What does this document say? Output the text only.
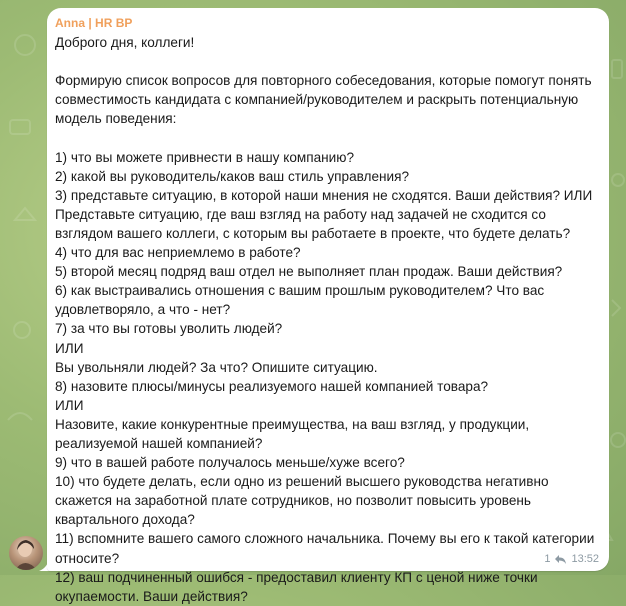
Anna | HR BP
Доброго дня, коллеги!

Формирую список вопросов для повторного собеседования, которые помогут понять совместимость кандидата с компанией/руководителем и раскрыть потенциальную модель поведения:

1) что вы можете привнести в нашу компанию?
2) какой вы руководитель/каков ваш стиль управления?
3) представьте ситуацию, в которой наши мнения не сходятся. Ваши действия? ИЛИ Представьте ситуацию, где ваш взгляд на работу над задачей не сходится со взглядом вашего коллеги, с которым вы работаете в проекте, что будете делать?
4) что для вас неприемлемо в работе?
5) второй месяц подряд ваш отдел не выполняет план продаж. Ваши действия?
6) как выстраивались отношения с вашим прошлым руководителем? Что вас удовлетворяло, а что - нет?
7) за что вы готовы уволить людей?
ИЛИ
Вы увольняли людей? За что? Опишите ситуацию.
8) назовите плюсы/минусы реализуемого нашей компанией товара?
ИЛИ
Назовите, какие конкурентные преимущества, на ваш взгляд, у продукции, реализуемой нашей компанией?
9) что в вашей работе получалось меньше/хуже всего?
10) что будете делать, если одно из решений высшего руководства негативно скажется на заработной плате сотрудников, но позволит повысить уровень квартального дохода?
11) вспомните вашего самого сложного начальника. Почему вы его к такой категории относите?
12) ваш подчиненный ошибся - предоставил клиенту КП с ценой ниже точки окупаемости. Ваши действия?
1 13:52
